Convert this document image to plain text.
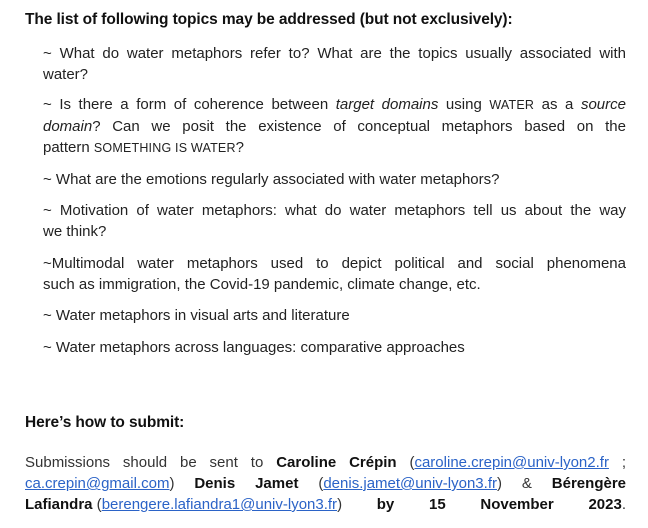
The list of following topics may be addressed (but not exclusively):
~ What do water metaphors refer to? What are the topics usually associated with
water?
~ Is there a form of coherence between target domains using WATER as a source
domain? Can we posit the existence of conceptual metaphors based on the
pattern SOMETHING IS WATER?
~ What are the emotions regularly associated with water metaphors?
~ Motivation of water metaphors: what do water metaphors tell us about the way
we think?
~Multimodal water metaphors used to depict political and social phenomena
such as immigration, the Covid-19 pandemic, climate change, etc.
~ Water metaphors in visual arts and literature
~ Water metaphors across languages: comparative approaches
Here’s how to submit:
Submissions should be sent to Caroline Crépin (caroline.crepin@univ-lyon2.fr ;
ca.crepin@gmail.com) Denis Jamet (denis.jamet@univ-lyon3.fr) & Bérengère
Lafiandra (berengere.lafiandra1@univ-lyon3.fr) by 15 November 2023.
